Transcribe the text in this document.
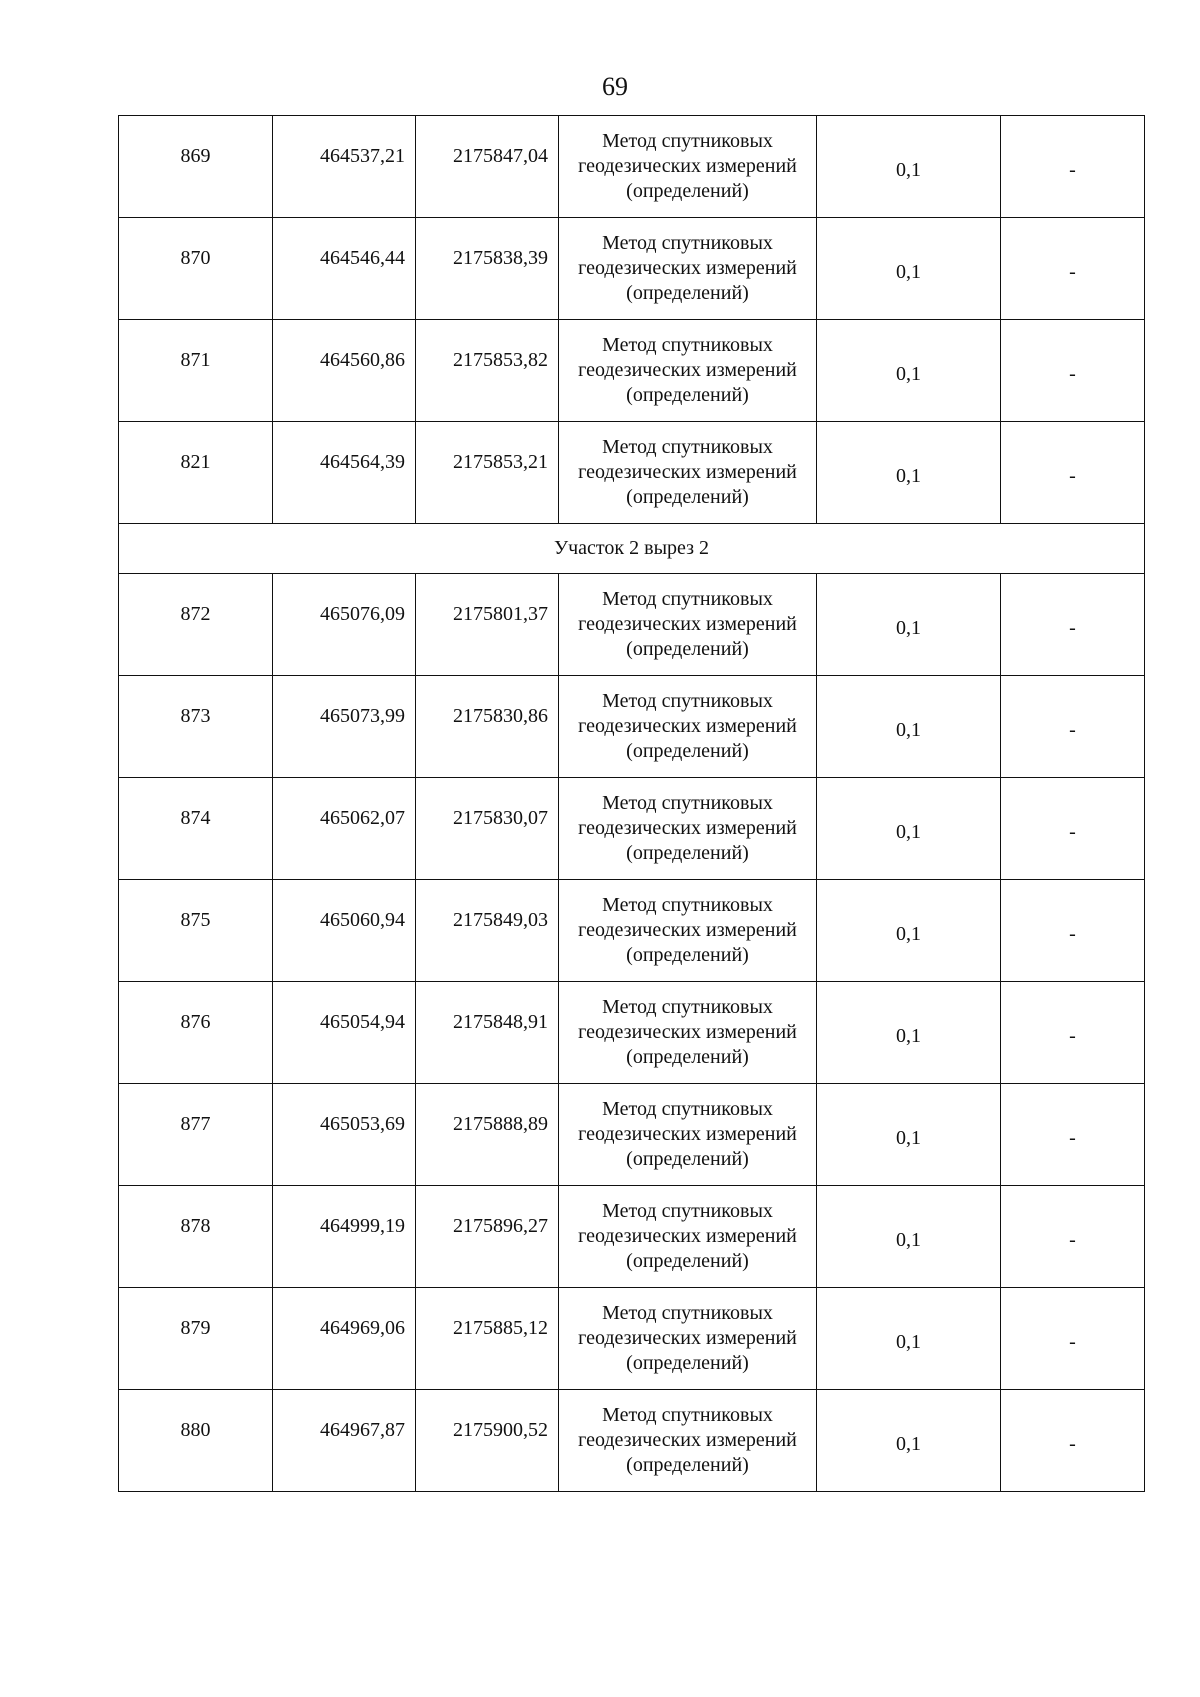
69
869	464537,21	2175847,04	Метод спутниковых
геодезических измерений
(определений)	0,1	-
870	464546,44	2175838,39	Метод спутниковых
геодезических измерений
(определений)	0,1	-
871	464560,86	2175853,82	Метод спутниковых
геодезических измерений
(определений)	0,1	-
821	464564,39	2175853,21	Метод спутниковых
геодезических измерений
(определений)	0,1	-
Участок 2 вырез 2					
872	465076,09	2175801,37	Метод спутниковых
геодезических измерений
(определений)	0,1	-
873	465073,99	2175830,86	Метод спутниковых
геодезических измерений
(определений)	0,1	-
874	465062,07	2175830,07	Метод спутниковых
геодезических измерений
(определений)	0,1	-
875	465060,94	2175849,03	Метод спутниковых
геодезических измерений
(определений)	0,1	-
876	465054,94	2175848,91	Метод спутниковых
геодезических измерений
(определений)	0,1	-
877	465053,69	2175888,89	Метод спутниковых
геодезических измерений
(определений)	0,1	-
878	464999,19	2175896,27	Метод спутниковых
геодезических измерений
(определений)	0,1	-
879	464969,06	2175885,12	Метод спутниковых
геодезических измерений
(определений)	0,1	-
880	464967,87	2175900,52	Метод спутниковых
геодезических измерений
(определений)	0,1	-
